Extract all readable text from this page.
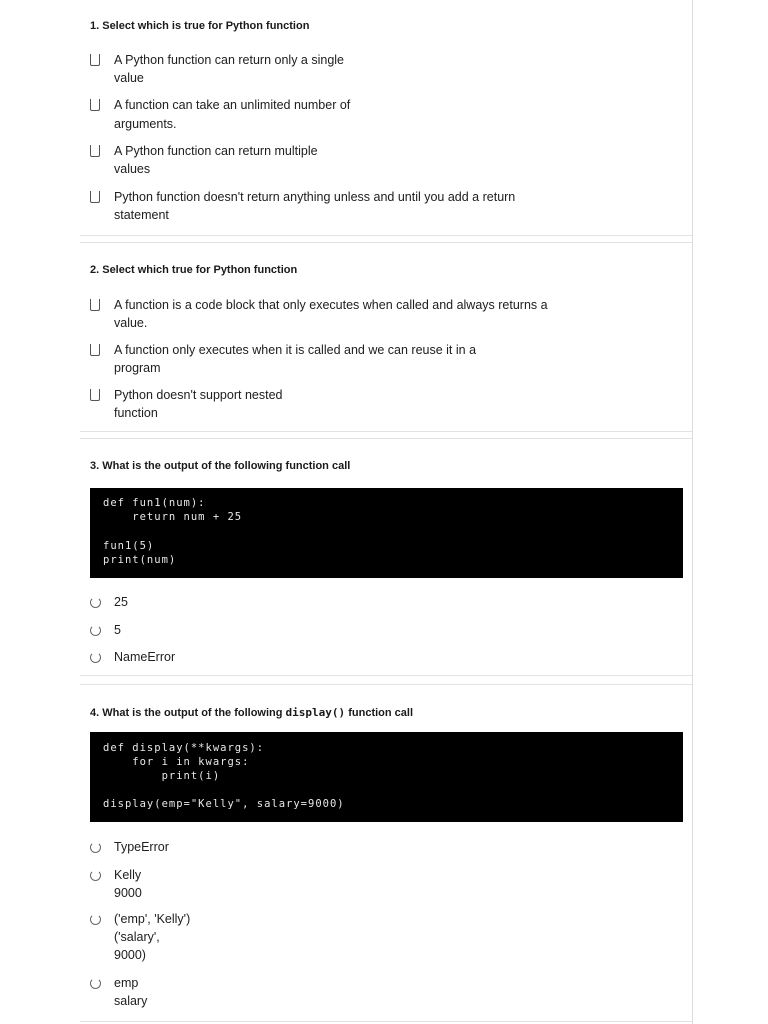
1. Select which is true for Python function
A Python function can return only a single
value
A function can take an unlimited number of
arguments.
A Python function can return multiple
values
Python function doesn't return anything unless and until you add a return
statement
2. Select which true for Python function
A function is a code block that only executes when called and always returns a
value.
A function only executes when it is called and we can reuse it in a
program
Python doesn't support nested
function
3. What is the output of the following function call
25
5
NameError
def fun1(num):
return num + 25
fun1(5)
print(num)
4. What is the output of the following display() function call
TypeError
Kelly
9000
('emp', 'Kelly')
('salary',
9000)
emp
salary
def display(**kwargs):
for i in kwargs:
print(i)
display(emp="Kelly", salary=9000)
